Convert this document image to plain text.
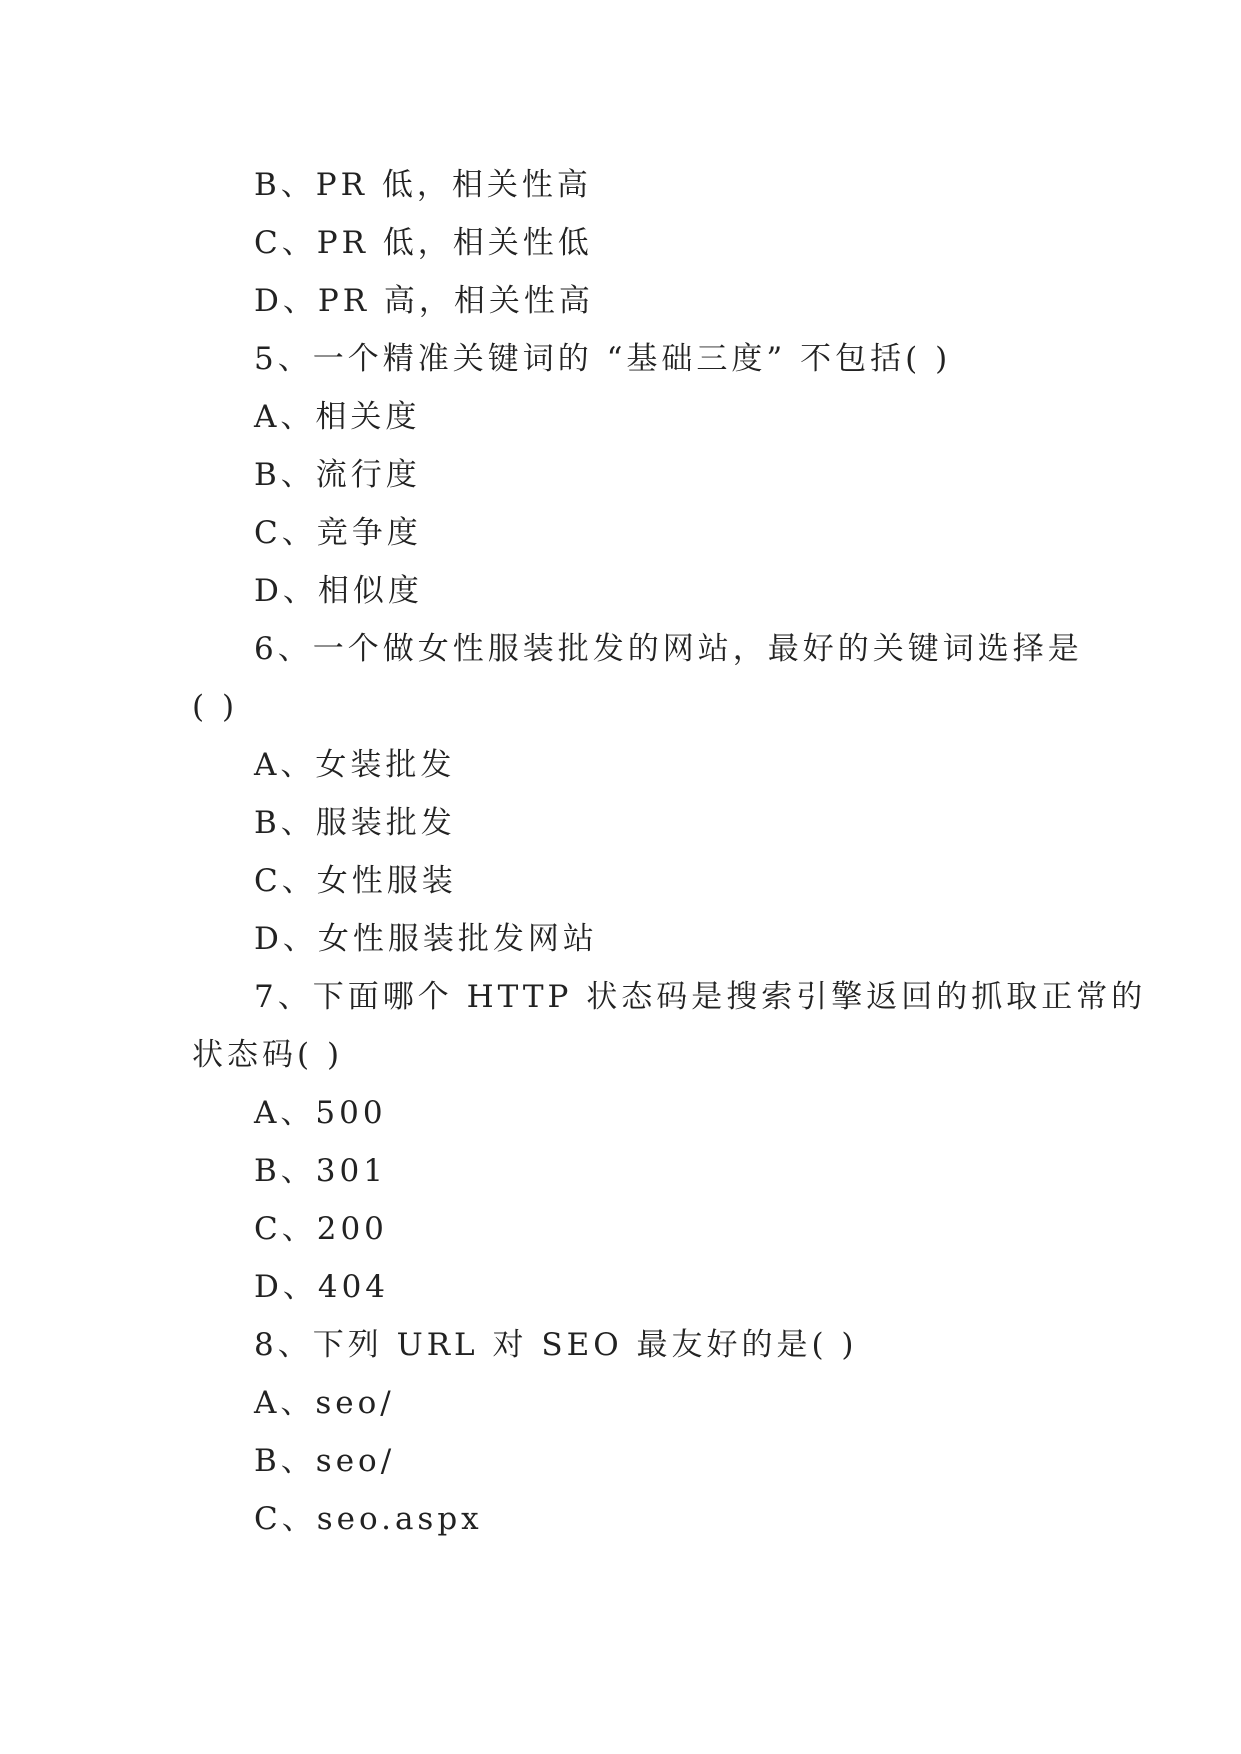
B、PR 低，相关性高
C、PR 低，相关性低
D、PR 高，相关性高
5、一个精准关键词的 “基础三度” 不包括( )
A、相关度
B、流行度
C、竞争度
D、相似度
6、一个做女性服装批发的网站，最好的关键词选择是
( )
A、女装批发
B、服装批发
C、女性服装
D、女性服装批发网站
7、下面哪个 HTTP 状态码是搜索引擎返回的抓取正常的
状态码( )
A、500
B、301
C、200
D、404
8、下列 URL 对 SEO 最友好的是( )
A、seo/
B、seo/
C、seo.aspx
